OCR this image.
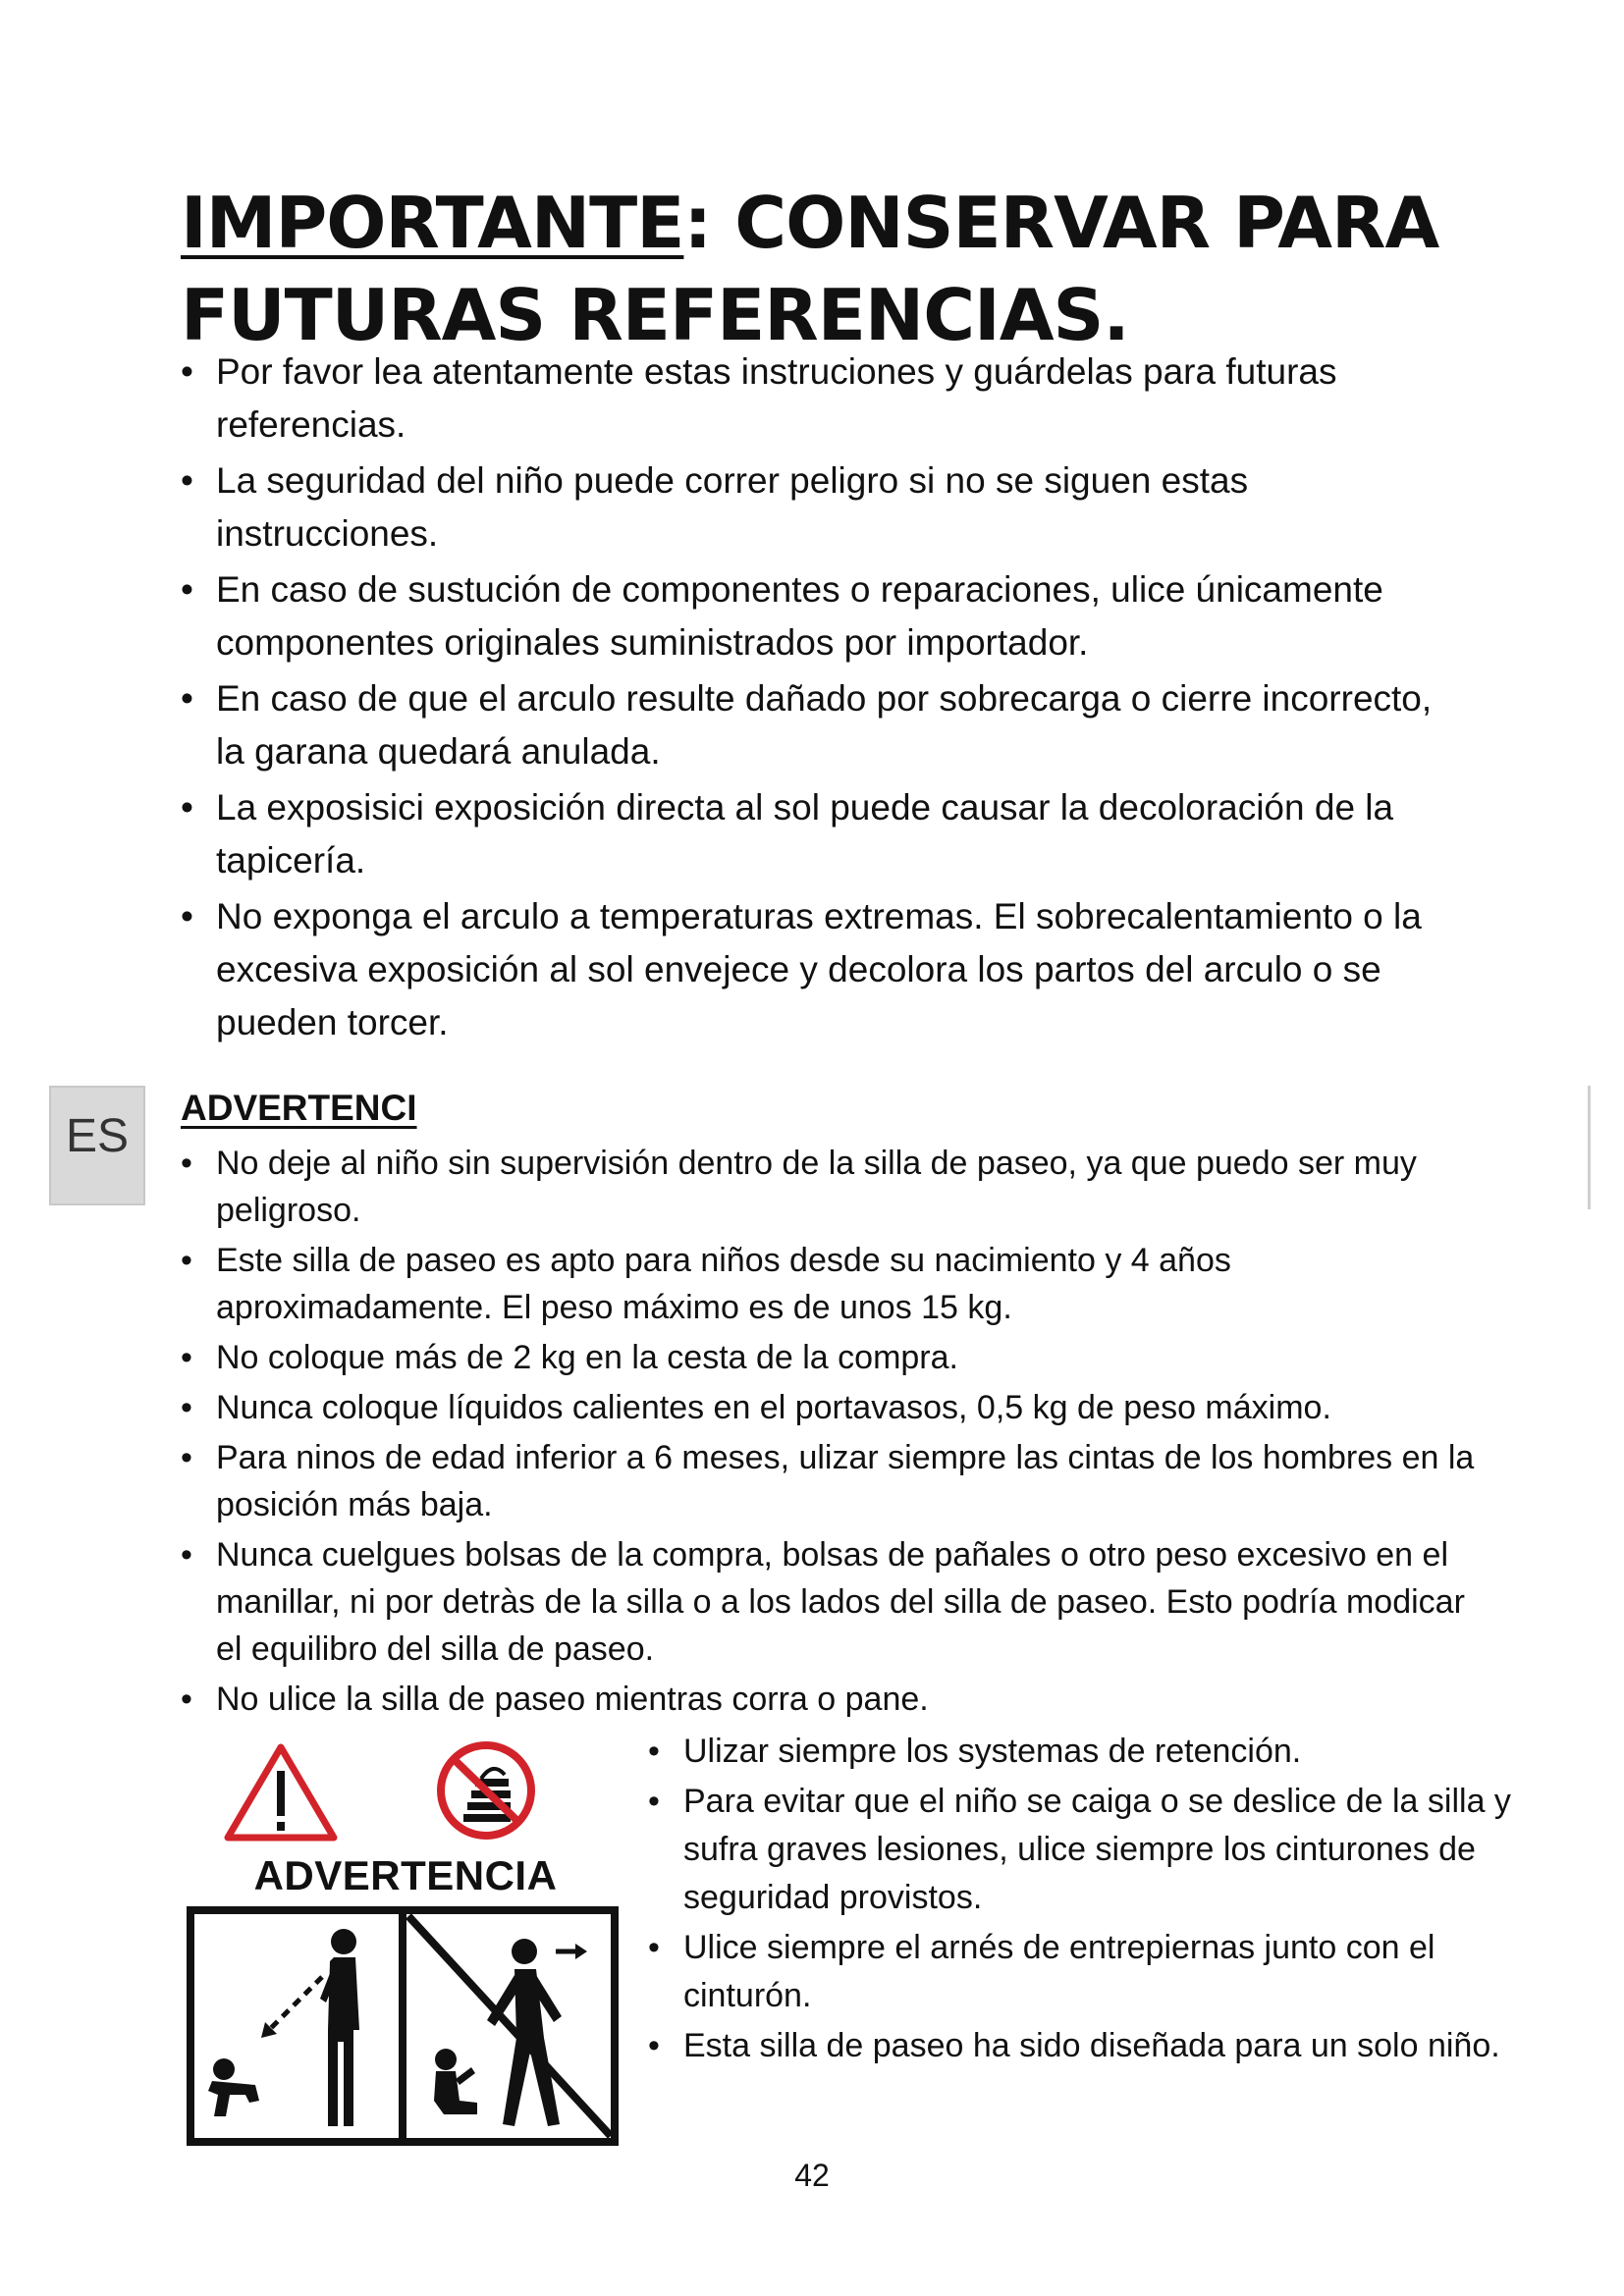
IMPORTANTE: CONSERVAR PARA FUTURAS REFERENCIAS.
• Por favor lea atentamente estas instruciones y guárdelas para futuras referencias.
• La seguridad del niño puede correr peligro si no se siguen estas instrucciones.
• En caso de sustución de componentes o reparaciones, ulice únicamente componentes originales suministrados por importador.
• En caso de que el arculo resulte dañado por sobrecarga o cierre incorrecto, la garana quedará anulada.
• La exposisici exposición directa al sol puede causar la decoloración de la tapicería.
• No exponga el arculo a temperaturas extremas. El sobrecalentamiento o la excesiva exposición al sol envejece y decolora los partos del arculo o se pueden torcer.
ES
ADVERTENCI
• No deje al niño sin supervisión dentro de la silla de paseo, ya que puedo ser muy peligroso.
• Este silla de paseo es apto para niños desde su nacimiento y 4 años aproximadamente. El peso máximo es de unos 15 kg.
• No coloque más de 2 kg en la cesta de la compra.
• Nunca coloque líquidos calientes en el portavasos, 0,5 kg de peso máximo.
• Para ninos de edad inferior a 6 meses, ulizar siempre las cintas de los hombres en la posición más baja.
• Nunca cuelgues bolsas de la compra, bolsas de pañales o otro peso excesivo en el manillar, ni por detràs de la silla o a los lados del silla de paseo. Esto podría modicar el equilibro del silla de paseo.
• No ulice la silla de paseo mientras corra o pane.
ADVERTENCIA
• Ulizar siempre los systemas de retención.
• Para evitar que el niño se caiga o se deslice de la silla y sufra graves lesiones, ulice siempre los cinturones de seguridad provistos.
• Ulice siempre el arnés de entrepiernas junto con el cinturón.
• Esta silla de paseo ha sido diseñada para un solo niño.
42
